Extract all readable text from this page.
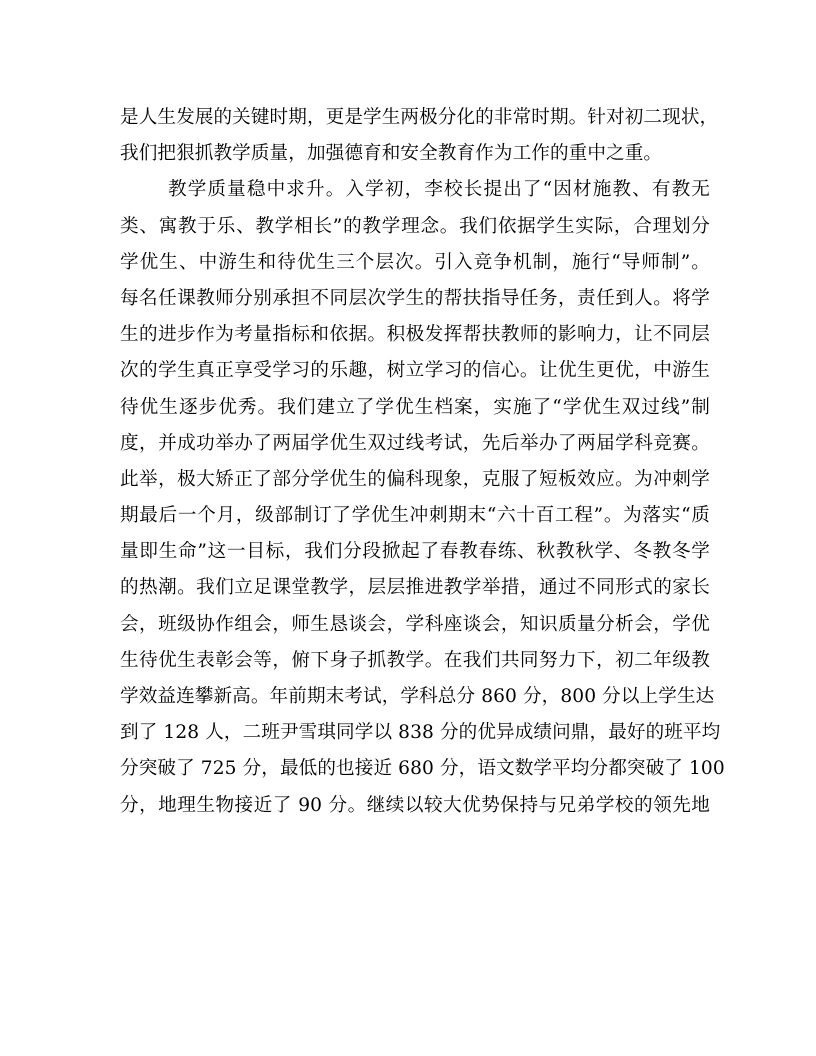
是人生发展的关键时期，更是学生两极分化的非常时期。针对初二现状，
我们把狠抓教学质量，加强德育和安全教育作为工作的重中之重。
教学质量稳中求升。入学初，李校长提出了“因材施教、有教无
类、寓教于乐、教学相长”的教学理念。我们依据学生实际，合理划分
学优生、中游生和待优生三个层次。引入竞争机制，施行“导师制”。
每名任课教师分别承担不同层次学生的帮扶指导任务，责任到人。将学
生的进步作为考量指标和依据。积极发挥帮扶教师的影响力，让不同层
次的学生真正享受学习的乐趣，树立学习的信心。让优生更优，中游生
待优生逐步优秀。我们建立了学优生档案，实施了“学优生双过线”制
度，并成功举办了两届学优生双过线考试，先后举办了两届学科竞赛。
此举，极大矫正了部分学优生的偏科现象，克服了短板效应。为冲刺学
期最后一个月，级部制订了学优生冲刺期末“六十百工程”。为落实“质
量即生命”这一目标，我们分段掀起了春教春练、秋教秋学、冬教冬学
的热潮。我们立足课堂教学，层层推进教学举措，通过不同形式的家长
会，班级协作组会，师生恳谈会，学科座谈会，知识质量分析会，学优
生待优生表彰会等，俯下身子抓教学。在我们共同努力下，初二年级教
学效益连攀新高。年前期末考试，学科总分 860 分，800 分以上学生达
到了 128 人，二班尹雪琪同学以 838 分的优异成绩问鼎，最好的班平均
分突破了 725 分，最低的也接近 680 分，语文数学平均分都突破了 100
分，地理生物接近了 90 分。继续以较大优势保持与兄弟学校的领先地
